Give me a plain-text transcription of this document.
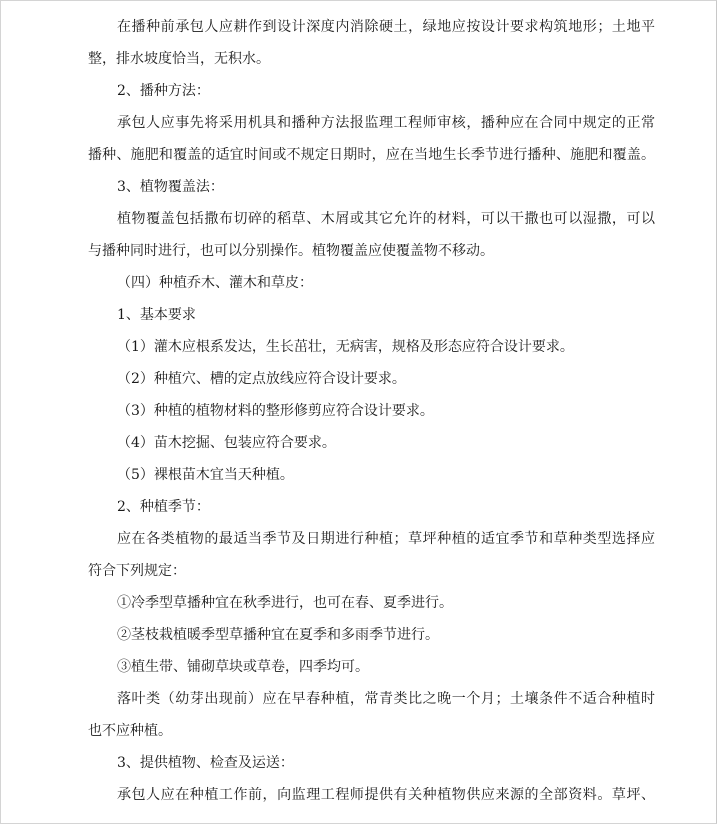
在播种前承包人应耕作到设计深度内消除硬土，绿地应按设计要求构筑地形；土地平

整，排水坡度恰当，无积水。

2、播种方法：

承包人应事先将采用机具和播种方法报监理工程师审核，播种应在合同中规定的正常

播种、施肥和覆盖的适宜时间或不规定日期时，应在当地生长季节进行播种、施肥和覆盖。

3、植物覆盖法：

植物覆盖包括撒布切碎的稻草、木屑或其它允许的材料，可以干撒也可以湿撒，可以

与播种同时进行，也可以分别操作。植物覆盖应使覆盖物不移动。

（四）种植乔木、灌木和草皮：

1、基本要求

（1）灌木应根系发达，生长茁壮，无病害，规格及形态应符合设计要求。

（2）种植穴、槽的定点放线应符合设计要求。

（3）种植的植物材料的整形修剪应符合设计要求。

（4）苗木挖掘、包装应符合要求。

（5）裸根苗木宜当天种植。

2、种植季节：

应在各类植物的最适当季节及日期进行种植；草坪种植的适宜季节和草种类型选择应

符合下列规定：

①冷季型草播种宜在秋季进行，也可在春、夏季进行。

②茎枝栽植暖季型草播种宜在夏季和多雨季节进行。

③植生带、铺砌草块或草卷，四季均可。

落叶类（幼芽出现前）应在早春种植，常青类比之晚一个月；土壤条件不适合种植时

也不应种植。

3、提供植物、检查及运送：

承包人应在种植工作前，向监理工程师提供有关种植物供应来源的全部资料。草坪、
